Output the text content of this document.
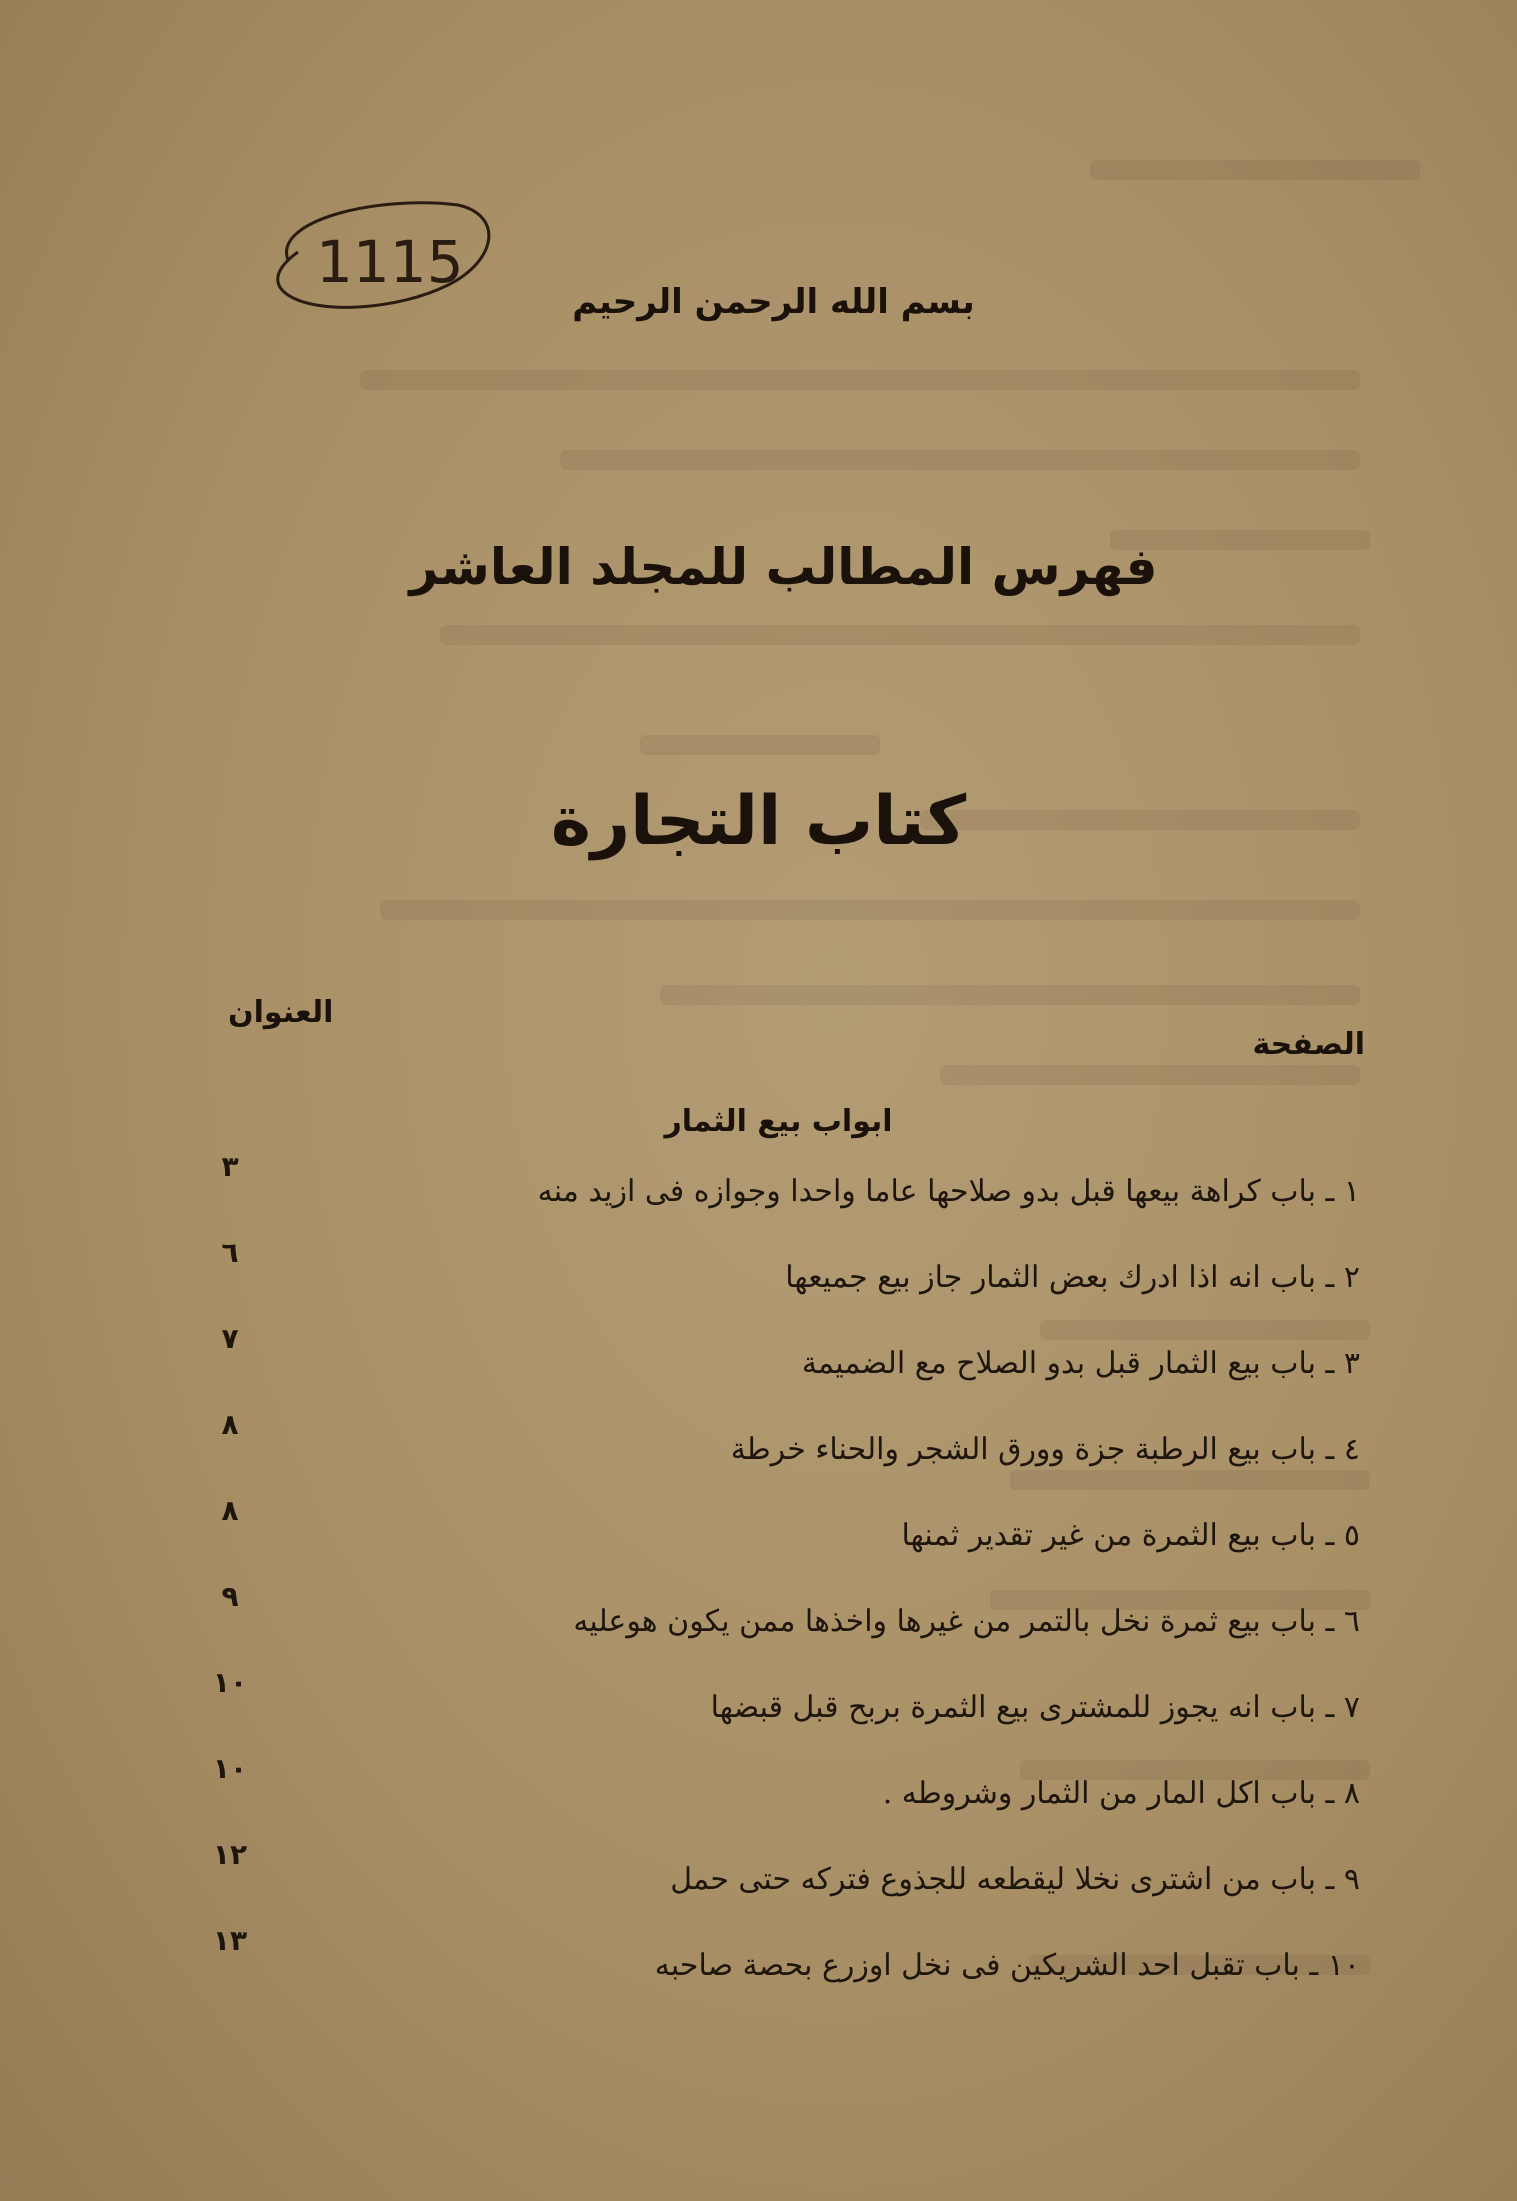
1115
بسم الله الرحمن الرحيم
فهرس المطالب للمجلد العاشر
كتاب التجارة
العنوان
الصفحة
ابواب بيع الثمار
١ ـ باب كراهة بيعها قبل بدو صلاحها عاما واحدا وجوازه فى ازيد منه
٣
٢ ـ باب انه اذا ادرك بعض الثمار جاز بيع جميعها
٦
٣ ـ باب بيع الثمار قبل بدو الصلاح مع الضميمة
٧
٤ ـ باب بيع الرطبة جزة وورق الشجر والحناء خرطة
٨
٥ ـ باب بيع الثمرة من غير تقدير ثمنها
٨
٦ ـ باب بيع ثمرة نخل بالتمر من غيرها واخذها ممن يكون هوعليه
٩
٧ ـ باب انه يجوز للمشترى بيع الثمرة بربح قبل قبضها
١٠
٨ ـ باب اكل المار من الثمار وشروطه .
١٠
٩ ـ باب من اشترى نخلا ليقطعه للجذوع فتركه حتى حمل
١٢
١٠ ـ باب تقبل احد الشريكين فى نخل اوزرع بحصة صاحبه
١٣
